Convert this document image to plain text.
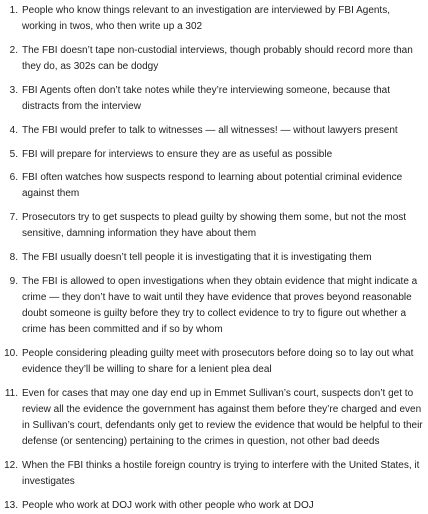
1. People who know things relevant to an investigation are interviewed by FBI Agents, working in twos, who then write up a 302
2. The FBI doesn’t tape non-custodial interviews, though probably should record more than they do, as 302s can be dodgy
3. FBI Agents often don’t take notes while they’re interviewing someone, because that distracts from the interview
4. The FBI would prefer to talk to witnesses — all witnesses! — without lawyers present
5. FBI will prepare for interviews to ensure they are as useful as possible
6. FBI often watches how suspects respond to learning about potential criminal evidence against them
7. Prosecutors try to get suspects to plead guilty by showing them some, but not the most sensitive, damning information they have about them
8. The FBI usually doesn’t tell people it is investigating that it is investigating them
9. The FBI is allowed to open investigations when they obtain evidence that might indicate a crime — they don’t have to wait until they have evidence that proves beyond reasonable doubt someone is guilty before they try to collect evidence to try to figure out whether a crime has been committed and if so by whom
10. People considering pleading guilty meet with prosecutors before doing so to lay out what evidence they’ll be willing to share for a lenient plea deal
11. Even for cases that may one day end up in Emmet Sullivan’s court, suspects don’t get to review all the evidence the government has against them before they’re charged and even in Sullivan’s court, defendants only get to review the evidence that would be helpful to their defense (or sentencing) pertaining to the crimes in question, not other bad deeds
12. When the FBI thinks a hostile foreign country is trying to interfere with the United States, it investigates
13. People who work at DOJ work with other people who work at DOJ
